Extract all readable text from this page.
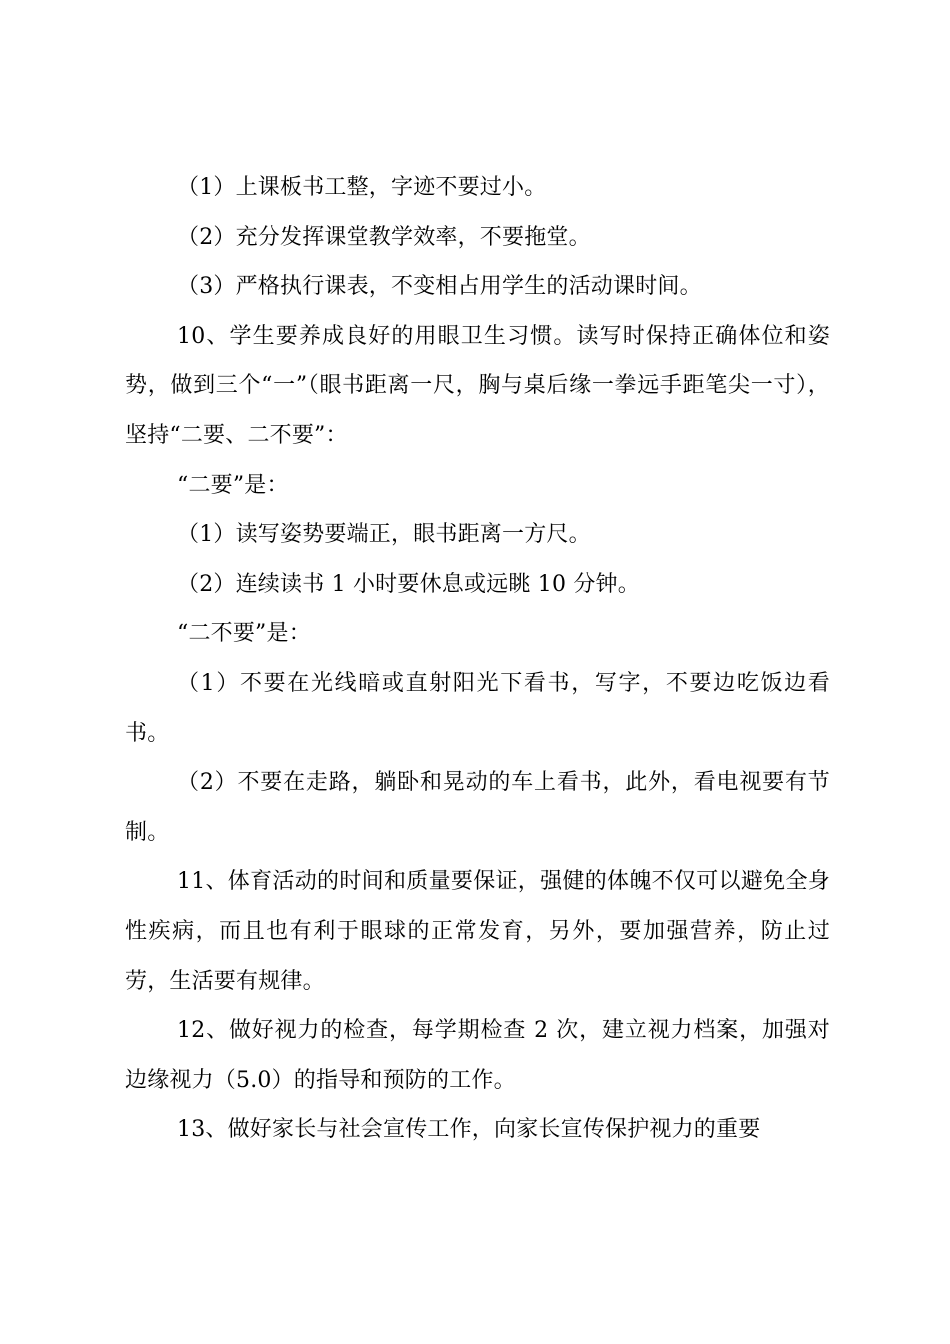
（1）上课板书工整，字迹不要过小。

（2）充分发挥课堂教学效率，不要拖堂。

（3）严格执行课表，不变相占用学生的活动课时间。

10、学生要养成良好的用眼卫生习惯。读写时保持正确体位和姿势，做到三个“一”（眼书距离一尺，胸与桌后缘一拳远手距笔尖一寸），坚持“二要、二不要”：

“二要”是：

（1）读写姿势要端正，眼书距离一方尺。

（2）连续读书 1 小时要休息或远眺 10 分钟。

“二不要”是：

（1）不要在光线暗或直射阳光下看书，写字，不要边吃饭边看书。

（2）不要在走路，躺卧和晃动的车上看书，此外，看电视要有节制。

11、体育活动的时间和质量要保证，强健的体魄不仅可以避免全身性疾病，而且也有利于眼球的正常发育，另外，要加强营养，防止过劳，生活要有规律。

12、做好视力的检查，每学期检查 2 次，建立视力档案，加强对边缘视力（5.0）的指导和预防的工作。

13、做好家长与社会宣传工作，向家长宣传保护视力的重要
